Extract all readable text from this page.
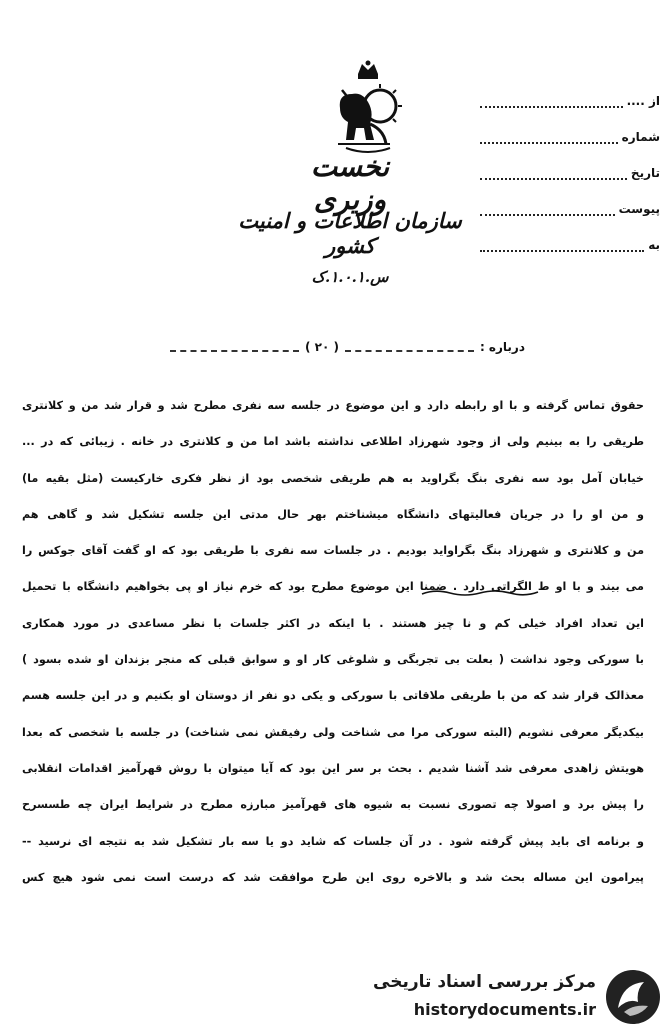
نخست وزیری
سازمان اطلاعات و امنیت کشور
س.۱.۰.۱.ک
از ....
شماره
تاریخ
پیوست
به
درباره :
( ۲۰ )
حقوق تماس گرفته و با او رابطه دارد و این موضوع در جلسه سه نفری مطرح شد و قرار شد من و کلانتری
طریقی را به بینیم ولی از وجود شهرزاد اطلاعی نداشته باشد اما من و کلانتری در خانه . زیبائی که در ...
خیابان آمل بود سه نفری بنگ بگراوید به هم طریقی شخصی بود از نظر فکری خارکیست (مثل بقیه ما)
و من او را در جریان فعالیتهای دانشگاه میشناختم بهر حال مدتی این جلسه تشکیل شد و گاهی هم
من و کلانتری و شهرزاد بنگ بگراواید بودیم . در جلسات سه نفری با طریقی بود که او گفت آقای جوکس را
می بیند و با او ط الگراتی دارد . ضمنا این موضوع مطرح بود که خرم نیاز او پی بخواهیم دانشگاه با تحمیل
این تعداد افراد خیلی کم و نا چیز هستند . با اینکه در اکثر جلسات با نظر مساعدی در مورد همکاری
با سورکی وجود نداشت ( بعلت بی تجربگی و شلوغی کار او و سوابق قبلی که منجر بزندان او شده بسود )
معذالک قرار شد که من با طریقی ملاقاتی با سورکی و یکی دو نفر از دوستان او بکنیم و در این جلسه هسم
بیکدیگر معرفی نشویم (البته سورکی مرا می شناخت ولی رفیقش نمی شناخت) در جلسه با شخصی که بعدا
هویتش زاهدی معرفی شد آشنا شدیم . بحث بر سر این بود که آیا میتوان با روش قهرآمیز اقدامات انقلابی
را پیش برد و اصولا چه تصوری نسبت به شیوه های قهرآمیز مبارزه مطرح در شرایط ایران چه طسسرح
و برنامه ای باید پیش گرفته شود . در آن جلسات که شاید دو یا سه بار تشکیل شد به نتیجه ای نرسید --
پیرامون این مساله بحث شد و بالاخره روی این طرح موافقت شد که درست است نمی شود هیچ کس
مرکز بررسی اسناد تاریخی
historydocuments.ir
